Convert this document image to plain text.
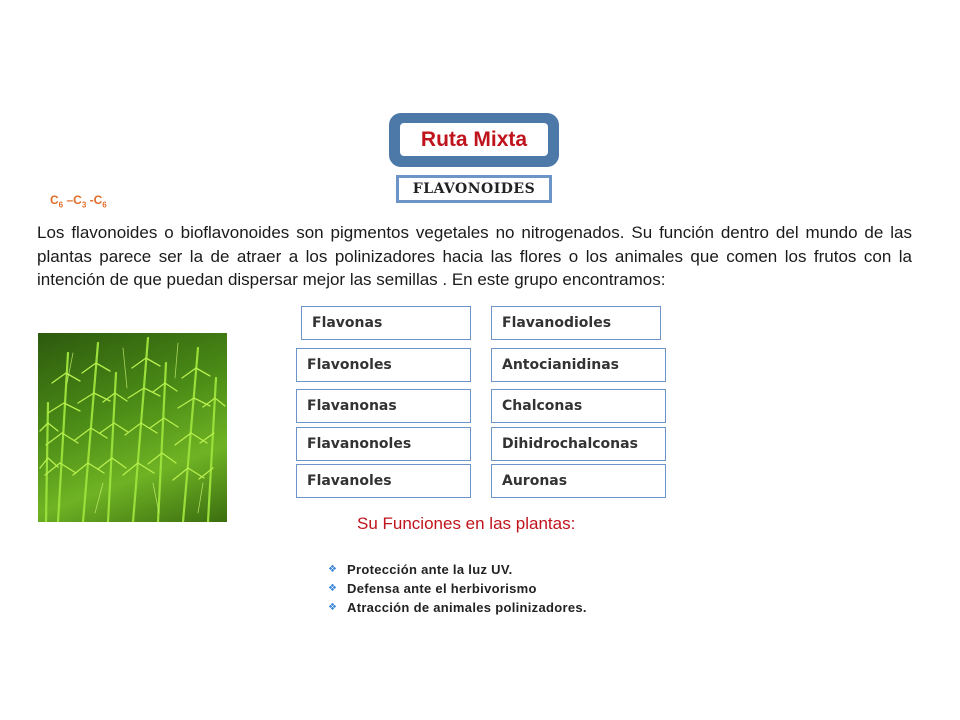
Ruta Mixta
FLAVONOIDES
$C_6$ $-C_3$ $-C_6$

Los flavonoides o bioflavonoides son pigmentos vegetales no nitrogenados. Su función dentro del mundo de las plantas parece ser la de atraer a los polinizadores hacia las flores o los animales que comen los frutos con la intención de que puedan dispersar mejor las semillas . En este grupo encontramos:

Flavonas
Flavonoles
Flavanonas
Flavanonoles
Flavanoles
Flavanodioles
Antocianidinas
Chalconas
Dihidrochalconas
Auronas
Su Funciones en las plantas:
❖ Protección ante la luz UV.
❖ Defensa ante el herbivorismo
❖ Atracción de animales polinizadores.
